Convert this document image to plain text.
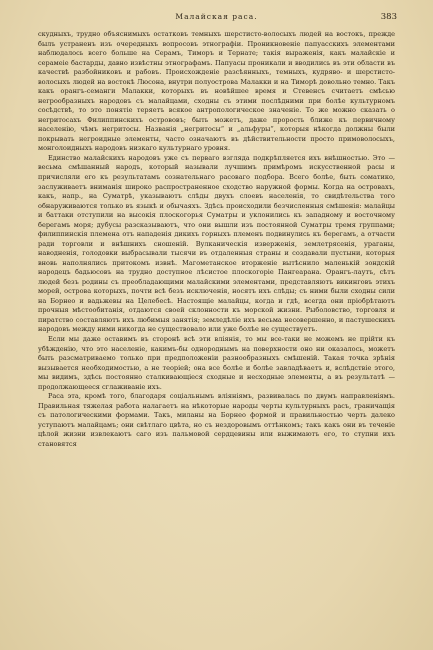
Малайская раса.	383

скудныхъ, трудно объяснимыхъ остатковъ темныхъ шерстисто-волосыхъ людей на востокъ, прежде былъ устраненъ изъ очередныхъ вопросовъ этнографіи. Проникновеніе папуасскихъ элементами наблюдалось всего больше на Серамъ, Тиморъ и Тернате; такія выраженія, какъ малайскіе и серамеіе бастарды, давно извѣстны этнографамъ. Папуасы проникали и вводились въ эти области въ качествѣ разбойниковъ и рабовъ. Происхожденіе разсѣянныхъ, темныхъ, кудряво- и шерстисто-волосыхъ людей на востокѣ Люсона, внутри полуострова Малакки и на Тиморѣ довольно темно. Такъ какъ орангъ-семанги Малакки, которыхъ въ новѣйшее время и Стевенсъ считаетъ смѣсью негрообразныхъ народовъ съ малайцами, сходны съ этими послѣдними при болѣе культурномъ сосѣдствѣ, то это понятіе теряетъ всякое антропологическое значеніе. То же можно сказать о негритосахъ Филиппинскихъ острововъ; быть можетъ, даже прорость ближе къ первичному населенію, чѣмъ негритосы. Названія „негритосы“ и „альфуры“, которыя нѣкогда должны были покрывать негроидные элементы, часто означаютъ въ дѣйствительности просто примоволосыхъ, монголоидныхъ народовъ низкаго культурнаго уровня.

Единство малайскихъ народовъ уже съ перваго взгляда подкрѣпляется ихъ внѣшностью. Это — весьма смѣшанный народъ, который называли лучшимъ примѣромъ искусственной расы и причисляли его къ результатамъ сознательнаго расоваго подбора. Всего болѣе, быть соматико, заслуживаетъ вниманія широко распространенное сходство наружной формы. Когда на островахъ, какъ, напр., на Суматрѣ, указываютъ слѣды двухъ слоевъ населенія, то свидѣтельства того обнаруживаются только въ языкѣ и обычаяхъ. Здѣсь происходили безчисленныя смѣшенія: малайцы и баттаки отступили на высокія плоскогорья Суматры и уклонились къ западному и восточному берегамъ моря; дубусы разсказываютъ, что они вышли изъ постоянной Суматры тремя группами; филиппинскія племена отъ нападенія дикихъ горныхъ племенъ подвинулись къ берегамъ, а отчасти ради торговли и внѣшнихъ сношеній. Вулканическія изверженія, землетрясенія, ураганы, наводненія, голодовки выбрасывали тысячи въ отдаленныя страны и создавали пустыни, которыя вновь наполнялись притокомъ извнѣ. Магометанское вторженіе вытѣснило маленькій зондскій народецъ бадьюсовъ на трудно доступное лѣсистое плоскогоріе Пангеарана. Орангъ-лаутъ, сѣтъ людей безъ родины съ преобладающими малайскими элементами, представляютъ викинговъ этихъ морей, острова которыхъ, почти всѣ безъ исключенія, носятъ ихъ слѣды; съ ними были сходны сили на Борнео и вадьжевы на Целебесѣ. Настоящіе малайцы, когда и гдѣ, всегда они пріобрѣтаютъ прочныя мѣстообитанія, отдаются своей склонности къ морской жизни. Рыболовство, торговля и пиратство составляютъ ихъ любимыя занятія; земледѣліе ихъ весьма несовершенно, и пастушескихъ народовъ между ними никогда не существовало или уже болѣе не существуетъ.

Если мы даже оставимъ въ сторонѣ всѣ эти вліянія, то мы все-таки не можемъ не прійти къ убѣжденію, что это населеніе, какимъ-бы однороднымъ на поверхности оно ни оказалось, можетъ быть разсматриваемо только при предположеніи разнообразныхъ смѣшеній. Такая точка зрѣнія вызывается необходимостью, а не теоріей; она все болѣе и болѣе завладѣваетъ и, вслѣдствіе этого, мы видимъ, здѣсь постоянно сталкивающіеся сходные и несходные элементы, а въ результатѣ — продолжающееся сглаживаніе ихъ.

Раса эта, кромѣ того, благодаря соціальнымъ вліяніямъ, развивалась по двумъ направленіямъ. Правильная тяжелая работа налагаетъ на нѣкоторые народы черты культурныхъ расъ, граничащія съ патологическими формами. Такъ, миланы на Борнео формой и правильностью черть далеко уступаютъ малайцамъ; они свѣтлаго цвѣта, но съ нездоровымъ оттѣнкомъ; такъ какъ они въ теченіе цѣлой жизни извлекаютъ саго изъ пальмовой сердцевины или выжимаютъ его, то ступни ихъ становятся
